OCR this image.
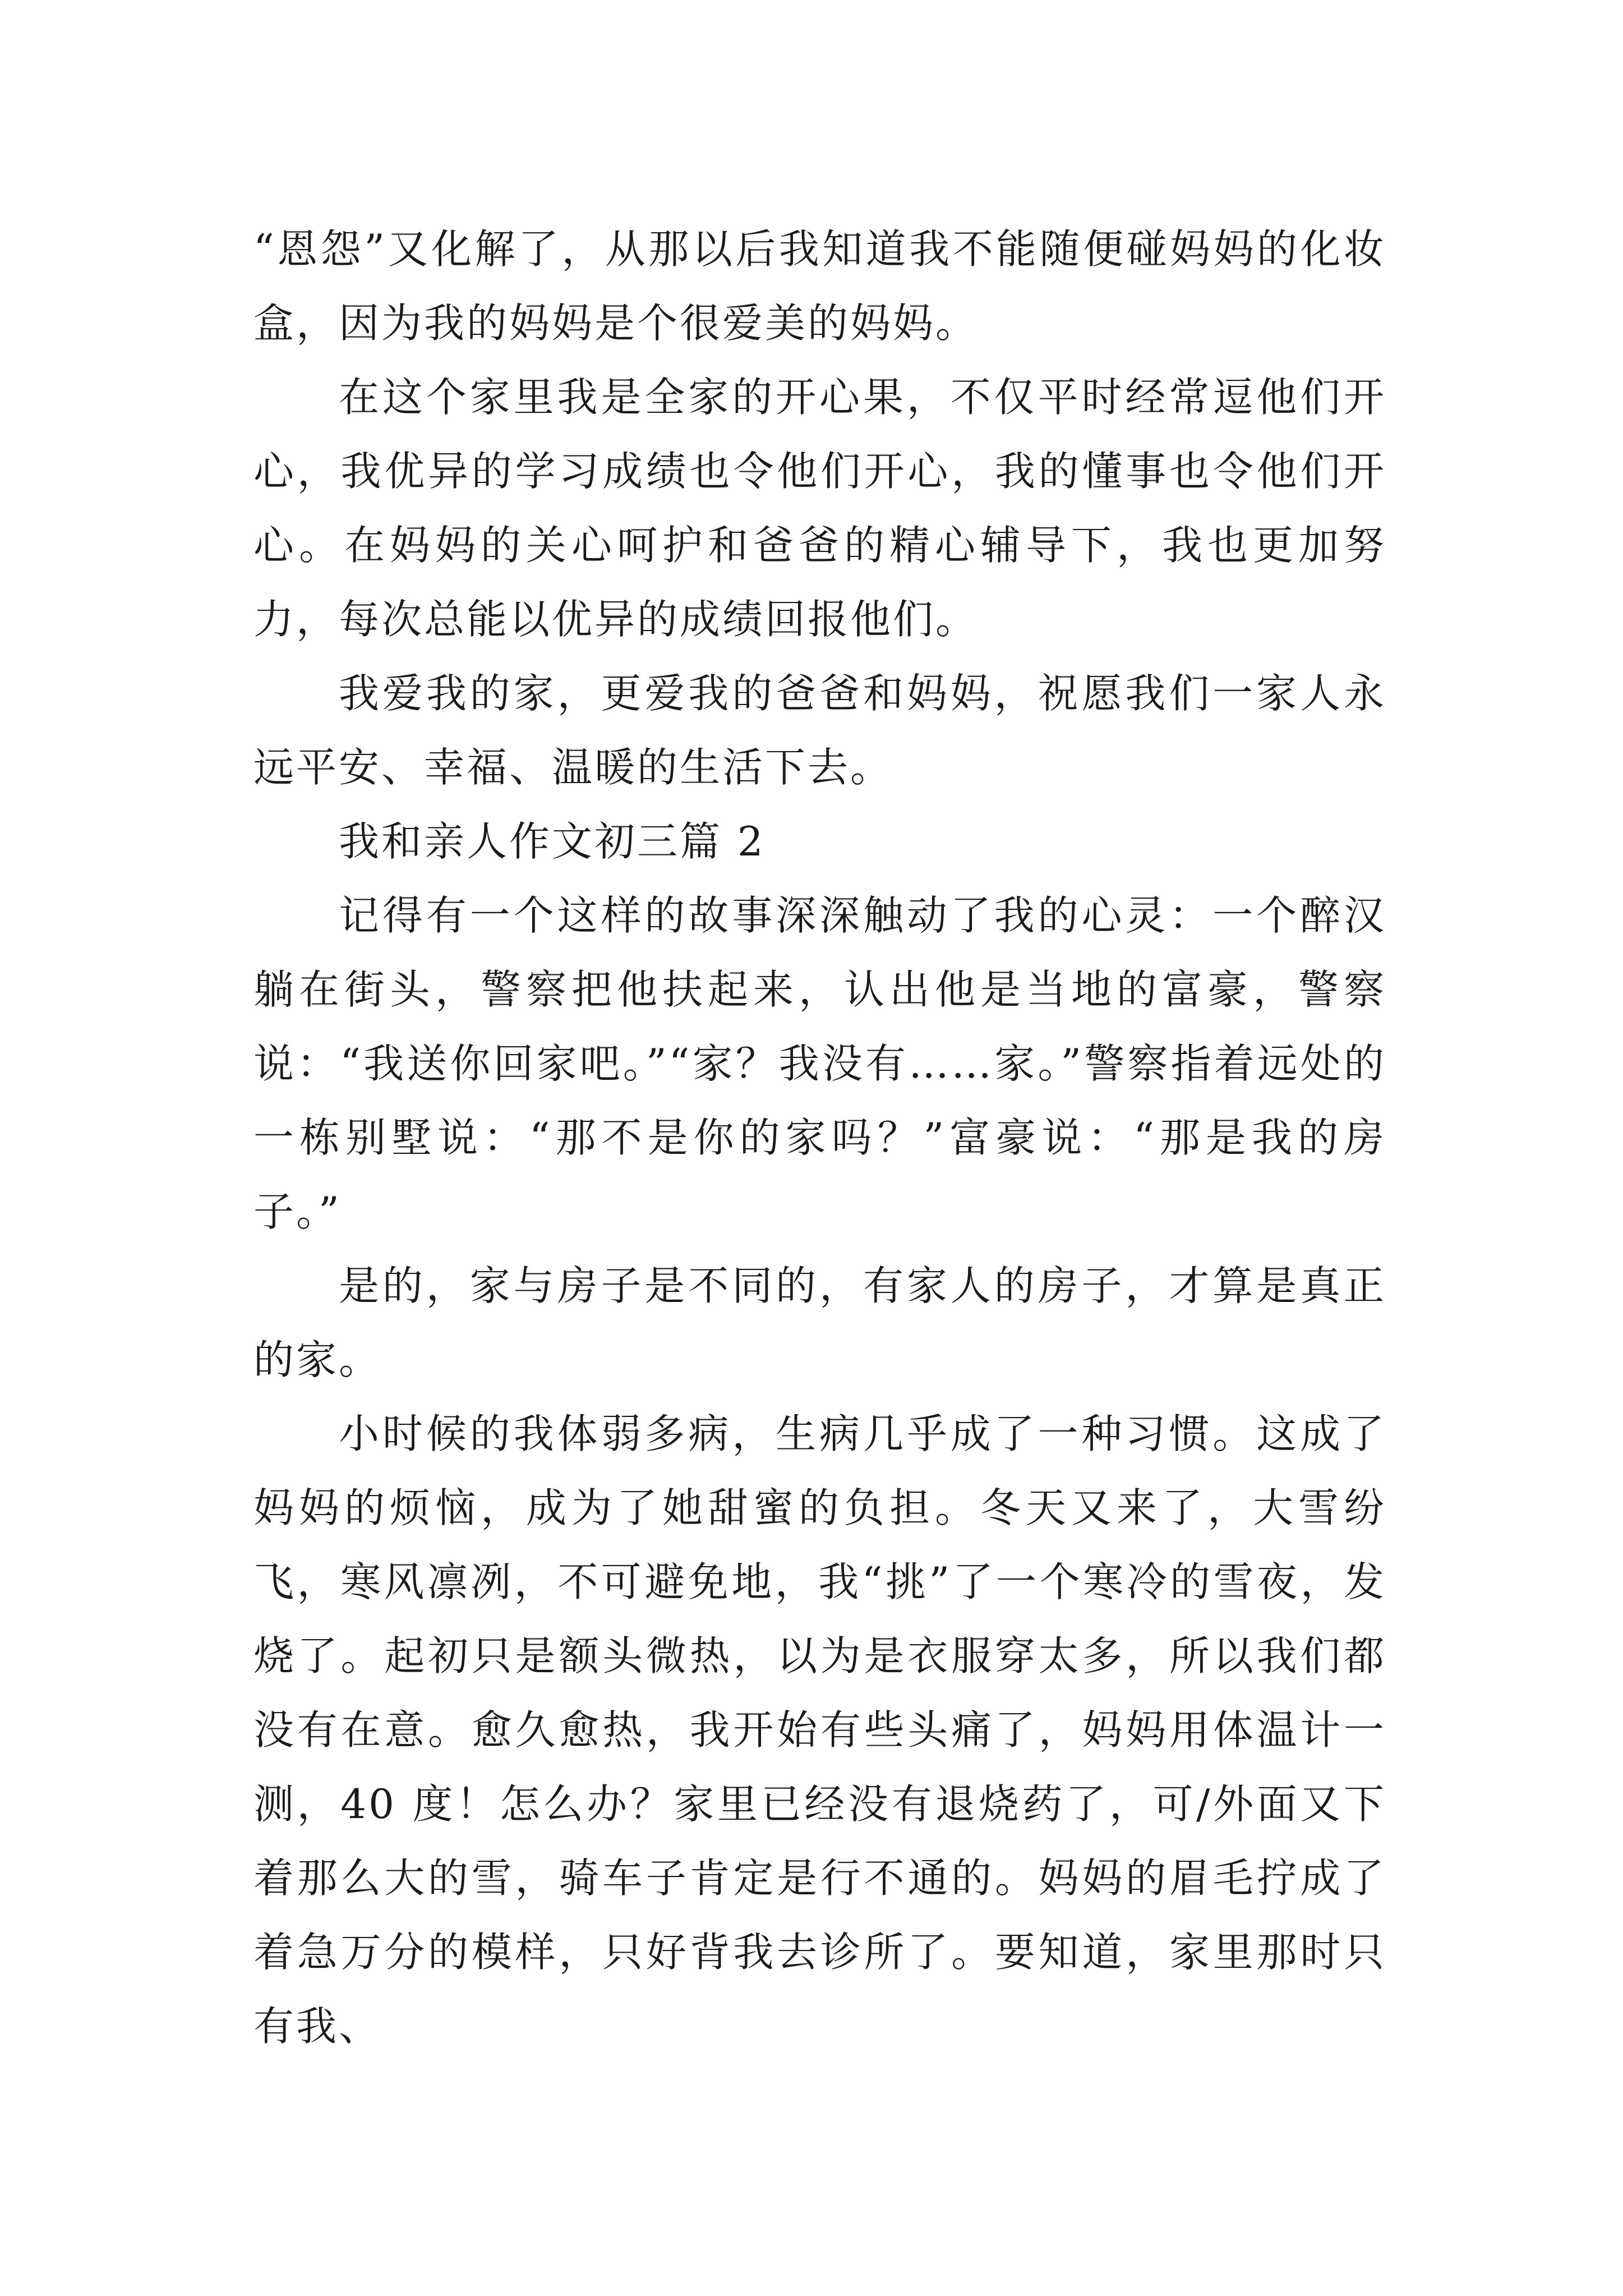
“恩怨”又化解了，从那以后我知道我不能随便碰妈妈的化妆盒，因为我的妈妈是个很爱美的妈妈。

在这个家里我是全家的开心果，不仅平时经常逗他们开心，我优异的学习成绩也令他们开心，我的懂事也令他们开心。在妈妈的关心呵护和爸爸的精心辅导下，我也更加努力，每次总能以优异的成绩回报他们。

我爱我的家，更爱我的爸爸和妈妈，祝愿我们一家人永远平安、幸福、温暖的生活下去。

我和亲人作文初三篇 2

记得有一个这样的故事深深触动了我的心灵：一个醉汉躺在街头，警察把他扶起来，认出他是当地的富豪，警察说：“我送你回家吧。”“家？我没有……家。”警察指着远处的一栋别墅说：“那不是你的家吗？”富豪说：“那是我的房子。”

是的，家与房子是不同的，有家人的房子，才算是真正的家。

小时候的我体弱多病，生病几乎成了一种习惯。这成了妈妈的烦恼，成为了她甜蜜的负担。冬天又来了，大雪纷飞，寒风凛冽，不可避免地，我“挑”了一个寒冷的雪夜，发烧了。起初只是额头微热，以为是衣服穿太多，所以我们都没有在意。愈久愈热，我开始有些头痛了，妈妈用体温计一测，40 度！怎么办？家里已经没有退烧药了，可/外面又下着那么大的雪，骑车子肯定是行不通的。妈妈的眉毛拧成了着急万分的模样，只好背我去诊所了。要知道，家里那时只有我、
